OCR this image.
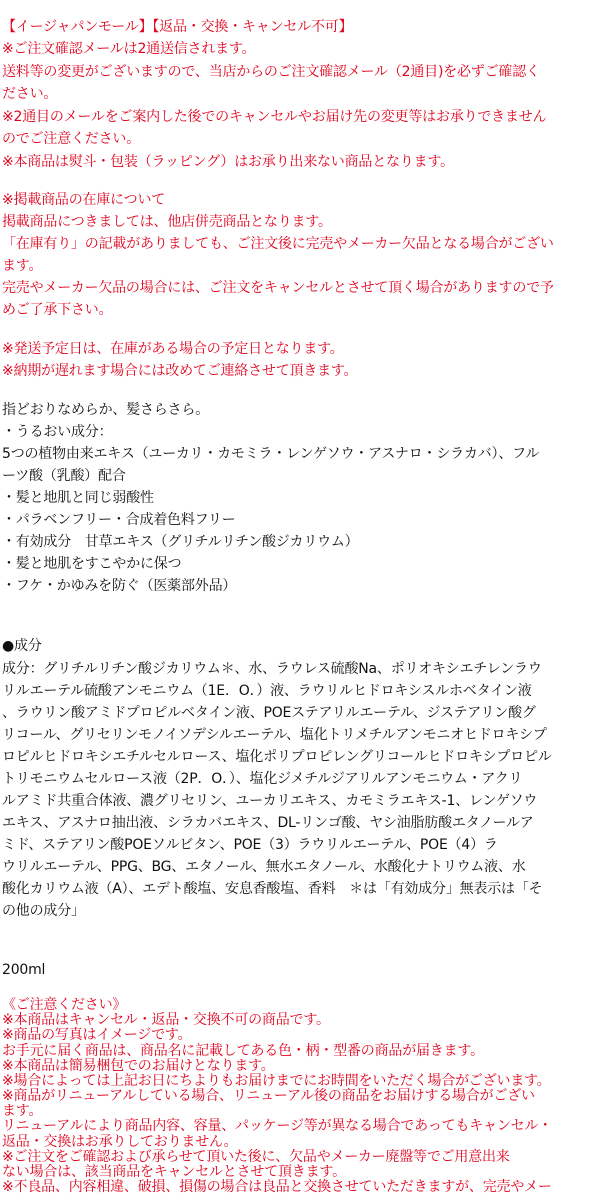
【イージャパンモール】【返品・交換・キャンセル不可】
※ご注文確認メールは2通送信されます。
送料等の変更がございますので、当店からのご注文確認メール（2通目)を必ずご確認く
ださい。
※2通目のメールをご案内した後でのキャンセルやお届け先の変更等はお承りできません
のでご注意ください。
※本商品は熨斗・包装（ラッピング）はお承り出来ない商品となります。
※掲載商品の在庫について
掲載商品につきましては、他店併売商品となります。
「在庫有り」の記載がありましても、ご注文後に完売やメーカー欠品となる場合がござい
ます。
完売やメーカー欠品の場合には、ご注文をキャンセルとさせて頂く場合がありますので予
めご了承下さい。
※発送予定日は、在庫がある場合の予定日となります。
※納期が遅れます場合には改めてご連絡させて頂きます。
指どおりなめらか、髪さらさら。
・うるおい成分：
5つの植物由来エキス（ユーカリ・カモミラ・レンゲソウ・アスナロ・シラカバ）、フル
ーツ酸（乳酸）配合
・髪と地肌と同じ弱酸性
・パラベンフリー・合成着色料フリー
・有効成分　甘草エキス（グリチルリチン酸ジカリウム）
・髪と地肌をすこやかに保つ
・フケ・かゆみを防ぐ（医薬部外品）
●成分
成分：グリチルリチン酸ジカリウム＊、水、ラウレス硫酸Na、ポリオキシエチレンラウ
リルエーテル硫酸アンモニウム（1E．O．）液、ラウリルヒドロキシスルホベタイン液
、ラウリン酸アミドプロピルベタイン液、POEステアリルエーテル、ジステアリン酸グ
リコール、グリセリンモノイソデシルエーテル、塩化トリメチルアンモニオヒドロキシプ
ロピルヒドロキシエチルセルロース、塩化ポリプロピレングリコールヒドロキシプロピル
トリモニウムセルロース液（2P．O．）、塩化ジメチルジアリルアンモニウム・アクリ
ルアミド共重合体液、濃グリセリン、ユーカリエキス、カモミラエキス-1、レンゲソウ
エキス、アスナロ抽出液、シラカバエキス、DL-リンゴ酸、ヤシ油脂肪酸エタノールア
ミド、ステアリン酸POEソルビタン、POE（3）ラウリルエーテル、POE（4）ラ
ウリルエーテル、PPG、BG、エタノール、無水エタノール、水酸化ナトリウム液、水
酸化カリウム液（A）、エデト酸塩、安息香酸塩、香料　＊は「有効成分」無表示は「そ
の他の成分」
200ml
《ご注意ください》
※本商品はキャンセル・返品・交換不可の商品です。
※商品の写真はイメージです。
お手元に届く商品は、商品名に記載してある色・柄・型番の商品が届きます。
※本商品は簡易梱包でのお届けとなります。
※場合によっては上記お日にちよりもお届けまでにお時間をいただく場合がございます。
※商品がリニューアルしている場合、リニューアル後の商品をお届けする場合がござい
ます。
リニューアルにより商品内容、容量、パッケージ等が異なる場合であってもキャンセル・
返品・交換はお承りしておりません。
※ご注文をご確認および承らせて頂いた後に、欠品やメーカー廃盤等でご用意出来
ない場合は、該当商品をキャンセルとさせて頂きます。
※不良品、内容相違、破損、損傷の場合は良品と交換させていただきますが、完売やメー
